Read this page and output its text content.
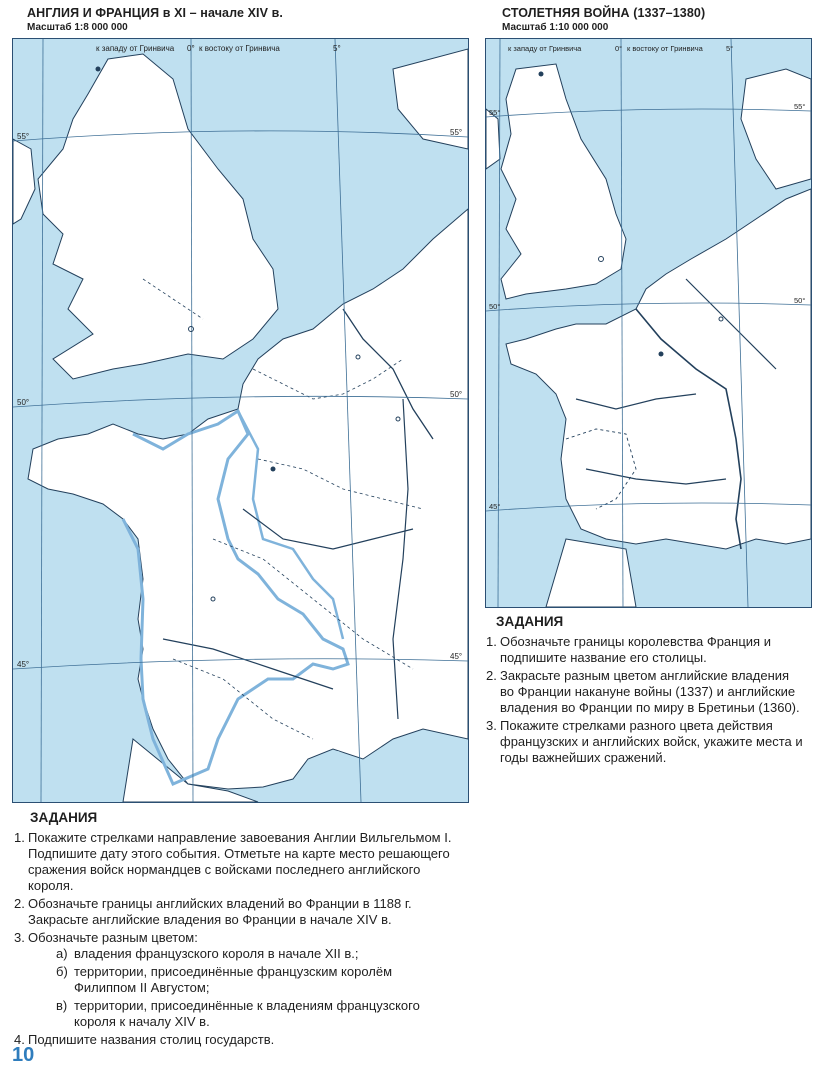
АНГЛИЯ И ФРАНЦИЯ в XI – начале XIV в.
Масштаб 1:8 000 000
к западу от Гринвича 0° к востоку от Гринвича	5°
55°
50°
45°
45°
50°
55°
СТОЛЕТНЯЯ ВОЙНА (1337–1380)
Масштаб 1:10 000 000
к западу от Гринвича	0° к востоку от Гринвича	5°
55°
50°
45°
55°
50°
ЗАДАНИЯ
1. Обозначьте границы королевства Франция и подпишите название его столицы.
2. Закрасьте разным цветом английские владения во Франции накануне войны (1337) и английские владения во Франции по миру в Бретиньи (1360).
3. Покажите стрелками разного цвета действия французских и английских войск, укажите места и годы важнейших сражений.
ЗАДАНИЯ
1. Покажите стрелками направление завоевания Англии Вильгельмом I. Подпишите дату этого события. Отметьте на карте место решающего сражения войск нормандцев с войсками последнего английского короля.
2. Обозначьте границы английских владений во Франции в 1188 г. Закрасьте английские владения во Франции в начале XIV в.
3. Обозначьте разным цветом:
а) владения французского короля в начале XII в.;
б) территории, присоединённые французским королём Филиппом II Августом;
в) территории, присоединённые к владениям французского короля к началу XIV в.
4. Подпишите названия столиц государств.
10
